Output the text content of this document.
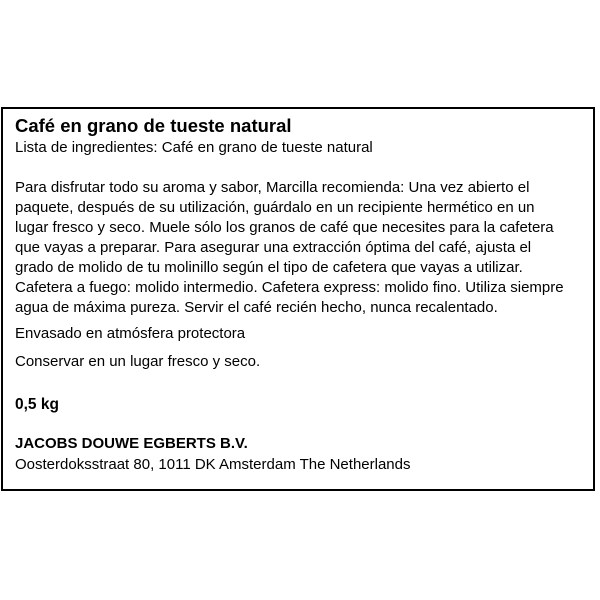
Café en grano de tueste natural

Lista de ingredientes: Café en grano de tueste natural

Para disfrutar todo su aroma y sabor, Marcilla recomienda: Una vez abierto el
paquete, después de su utilización, guárdalo en un recipiente hermético en un
lugar fresco y seco. Muele sólo los granos de café que necesites para la cafetera
que vayas a preparar. Para asegurar una extracción óptima del café, ajusta el
grado de molido de tu molinillo según el tipo de cafetera que vayas a utilizar.
Cafetera a fuego: molido intermedio. Cafetera express: molido fino. Utiliza siempre
agua de máxima pureza. Servir el café recién hecho, nunca recalentado.

Envasado en atmósfera protectora

Conservar en un lugar fresco y seco.

0,5 kg

JACOBS DOUWE EGBERTS B.V.

Oosterdoksstraat 80, 1011 DK Amsterdam The Netherlands
